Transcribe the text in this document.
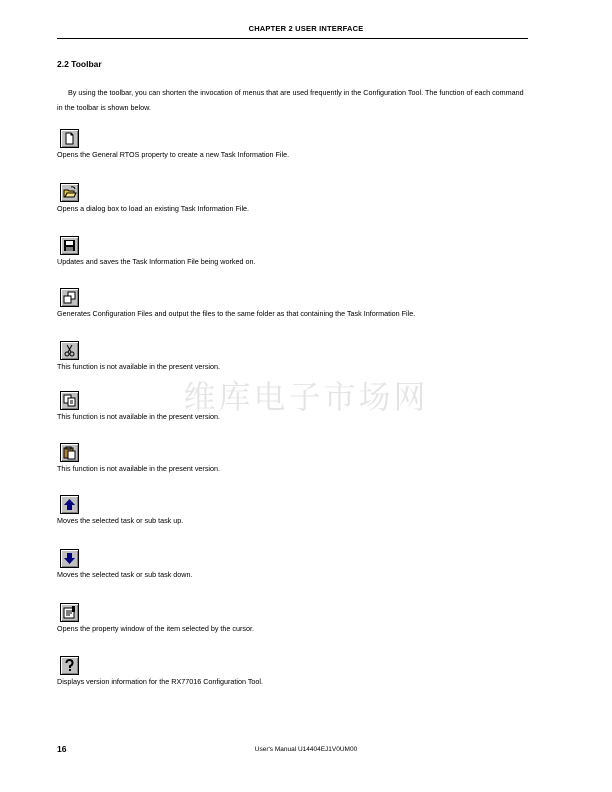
CHAPTER 2 USER INTERFACE
2.2 Toolbar
By using the toolbar, you can shorten the invocation of menus that are used frequently in the Configuration Tool. The function of each command in the toolbar is shown below.
Opens the General RTOS property to create a new Task Information File.
Opens a dialog box to load an existing Task Information File.
Updates and saves the Task Information File being worked on.
Generates Configuration Files and output the files to the same folder as that containing the Task Information File.
This function is not available in the present version.
This function is not available in the present version.
This function is not available in the present version.
Moves the selected task or sub task up.
Moves the selected task or sub task down.
Opens the property window of the item selected by the cursor.
Displays version information for the RX77016 Configuration Tool.
维库电子市场网
16	User's Manual U14404EJ1V0UM00
